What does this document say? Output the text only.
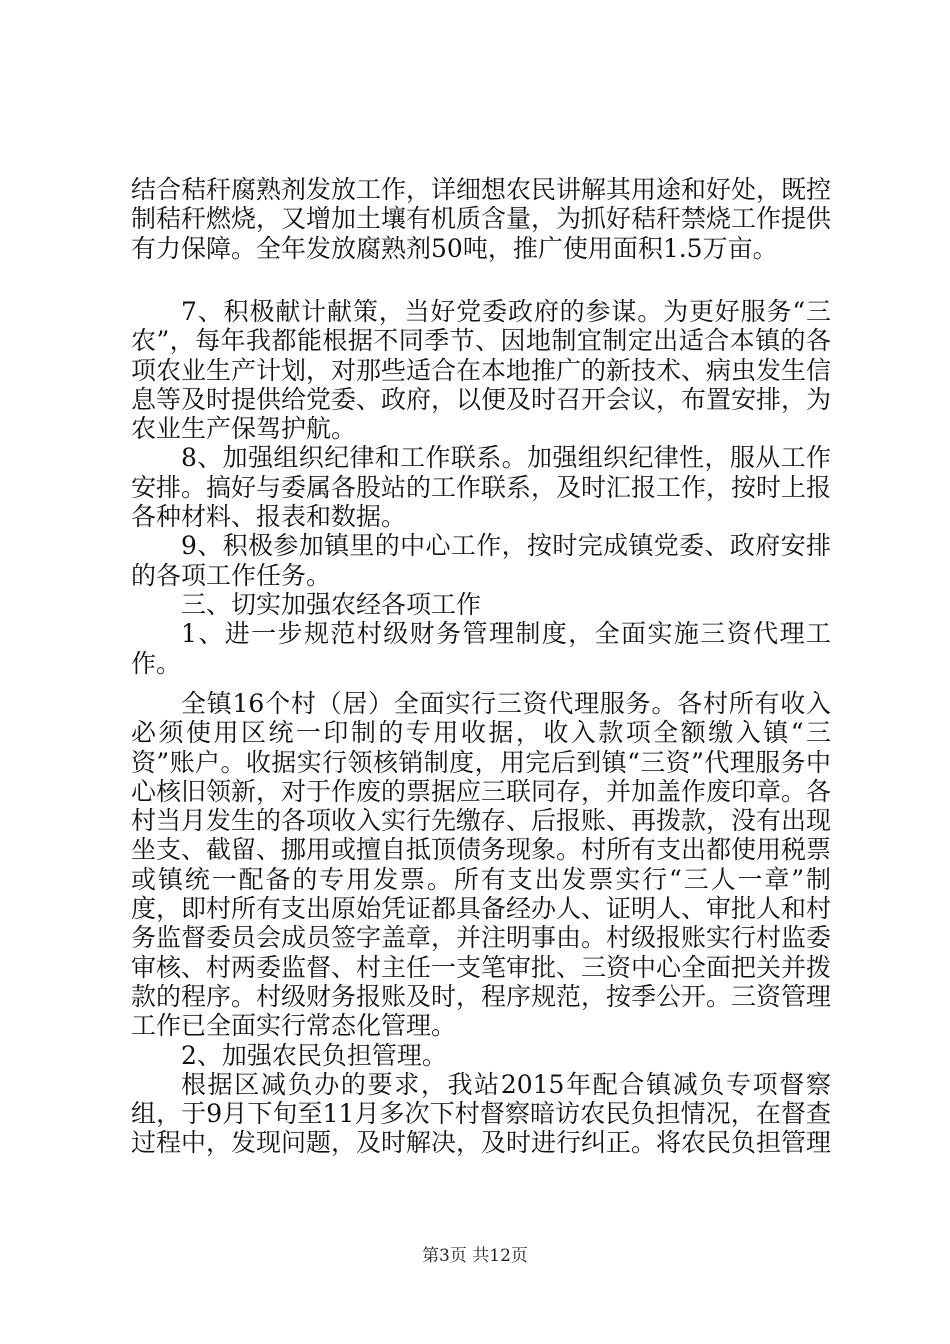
结合秸秆腐熟剂发放工作，详细想农民讲解其用途和好处，既控制秸秆燃烧，又增加土壤有机质含量，为抓好秸秆禁烧工作提供有力保障。全年发放腐熟剂50吨，推广使用面积1.5万亩。

7、积极献计献策，当好党委政府的参谋。为更好服务“三农”，每年我都能根据不同季节、因地制宜制定出适合本镇的各项农业生产计划，对那些适合在本地推广的新技术、病虫发生信息等及时提供给党委、政府，以便及时召开会议，布置安排，为农业生产保驾护航。

8、加强组织纪律和工作联系。加强组织纪律性，服从工作安排。搞好与委属各股站的工作联系，及时汇报工作，按时上报各种材料、报表和数据。

9、积极参加镇里的中心工作，按时完成镇党委、政府安排的各项工作任务。

三、切实加强农经各项工作

1、进一步规范村级财务管理制度，全面实施三资代理工作。

全镇16个村（居）全面实行三资代理服务。各村所有收入必须使用区统一印制的专用收据，收入款项全额缴入镇“三资”账户。收据实行领核销制度，用完后到镇“三资”代理服务中心核旧领新，对于作废的票据应三联同存，并加盖作废印章。各村当月发生的各项收入实行先缴存、后报账、再拨款，没有出现坐支、截留、挪用或擅自抵顶债务现象。村所有支出都使用税票或镇统一配备的专用发票。所有支出发票实行“三人一章”制度，即村所有支出原始凭证都具备经办人、证明人、审批人和村务监督委员会成员签字盖章，并注明事由。村级报账实行村监委审核、村两委监督、村主任一支笔审批、三资中心全面把关并拨款的程序。村级财务报账及时，程序规范，按季公开。三资管理工作已全面实行常态化管理。

2、加强农民负担管理。

根据区减负办的要求，我站2015年配合镇减负专项督察组，于9月下旬至11月多次下村督察暗访农民负担情况，在督查过程中，发现问题，及时解决，及时进行纠正。将农民负担管理

第3页 共12页
